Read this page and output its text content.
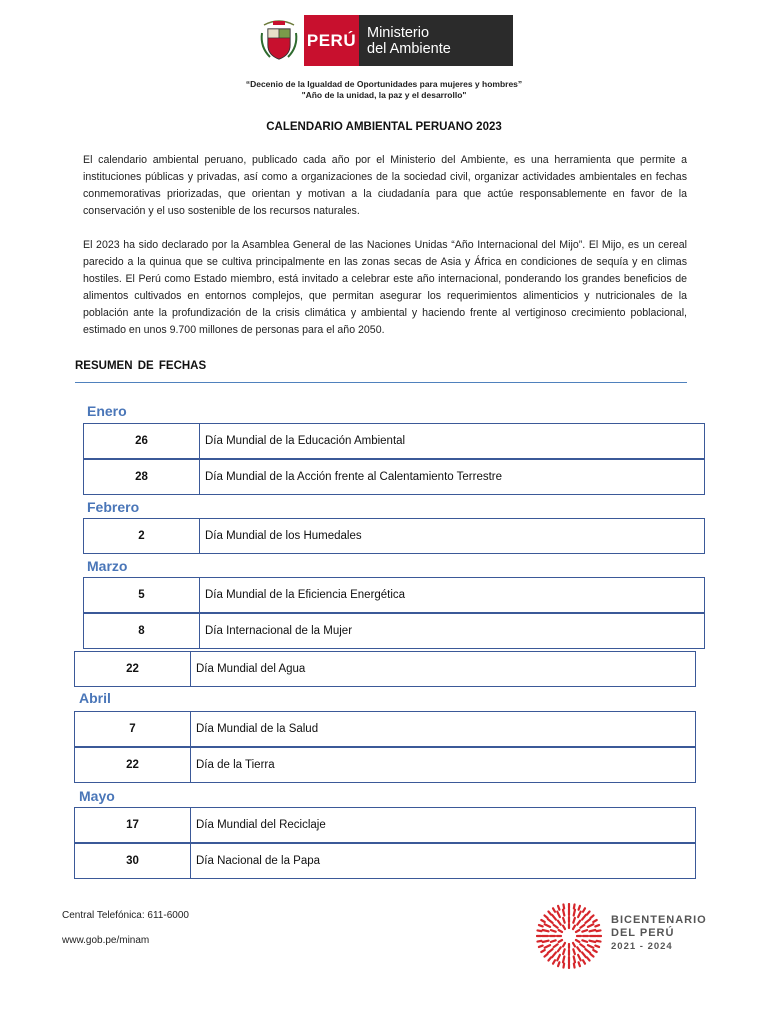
PERÚ Ministerio
del Ambiente
“Decenio de la Igualdad de Oportunidades para mujeres y hombres”
"Año de la unidad, la paz y el desarrollo"
CALENDARIO AMBIENTAL PERUANO 2023
El calendario ambiental peruano, publicado cada año por el Ministerio del Ambiente, es una herramienta que permite a instituciones públicas y privadas, así como a organizaciones de la sociedad civil, organizar actividades ambientales en fechas conmemorativas priorizadas, que orientan y motivan a la ciudadanía para que actúe responsablemente en favor de la conservación y el uso sostenible de los recursos naturales.
El 2023 ha sido declarado por la Asamblea General de las Naciones Unidas “Año Internacional del Mijo”. El Mijo, es un cereal parecido a la quinua que se cultiva principalmente en las zonas secas de Asia y África en condiciones de sequía y en climas hostiles. El Perú como Estado miembro, está invitado a celebrar este año internacional, ponderando los grandes beneficios de alimentos cultivados en entornos complejos, que permitan asegurar los requerimientos alimenticios y nutricionales de la población ante la profundización de la crisis climática y ambiental y haciendo frente al vertiginoso crecimiento poblacional, estimado en unos 9.700 millones de personas para el año 2050.
RESUMEN DE FECHAS
Enero
26	Día Mundial de la Educación Ambiental
28	Día Mundial de la Acción frente al Calentamiento Terrestre
Febrero
2	Día Mundial de los Humedales
Marzo
5	Día Mundial de la Eficiencia Energética
8	Día Internacional de la Mujer
22	Día Mundial del Agua
Abril
7	Día Mundial de la Salud
22	Día de la Tierra
Mayo
17	Día Mundial del Reciclaje
30	Día Nacional de la Papa
Central Telefónica: 611-6000
www.gob.pe/minam
BICENTENARIO
DEL PERÚ
2021 - 2024
